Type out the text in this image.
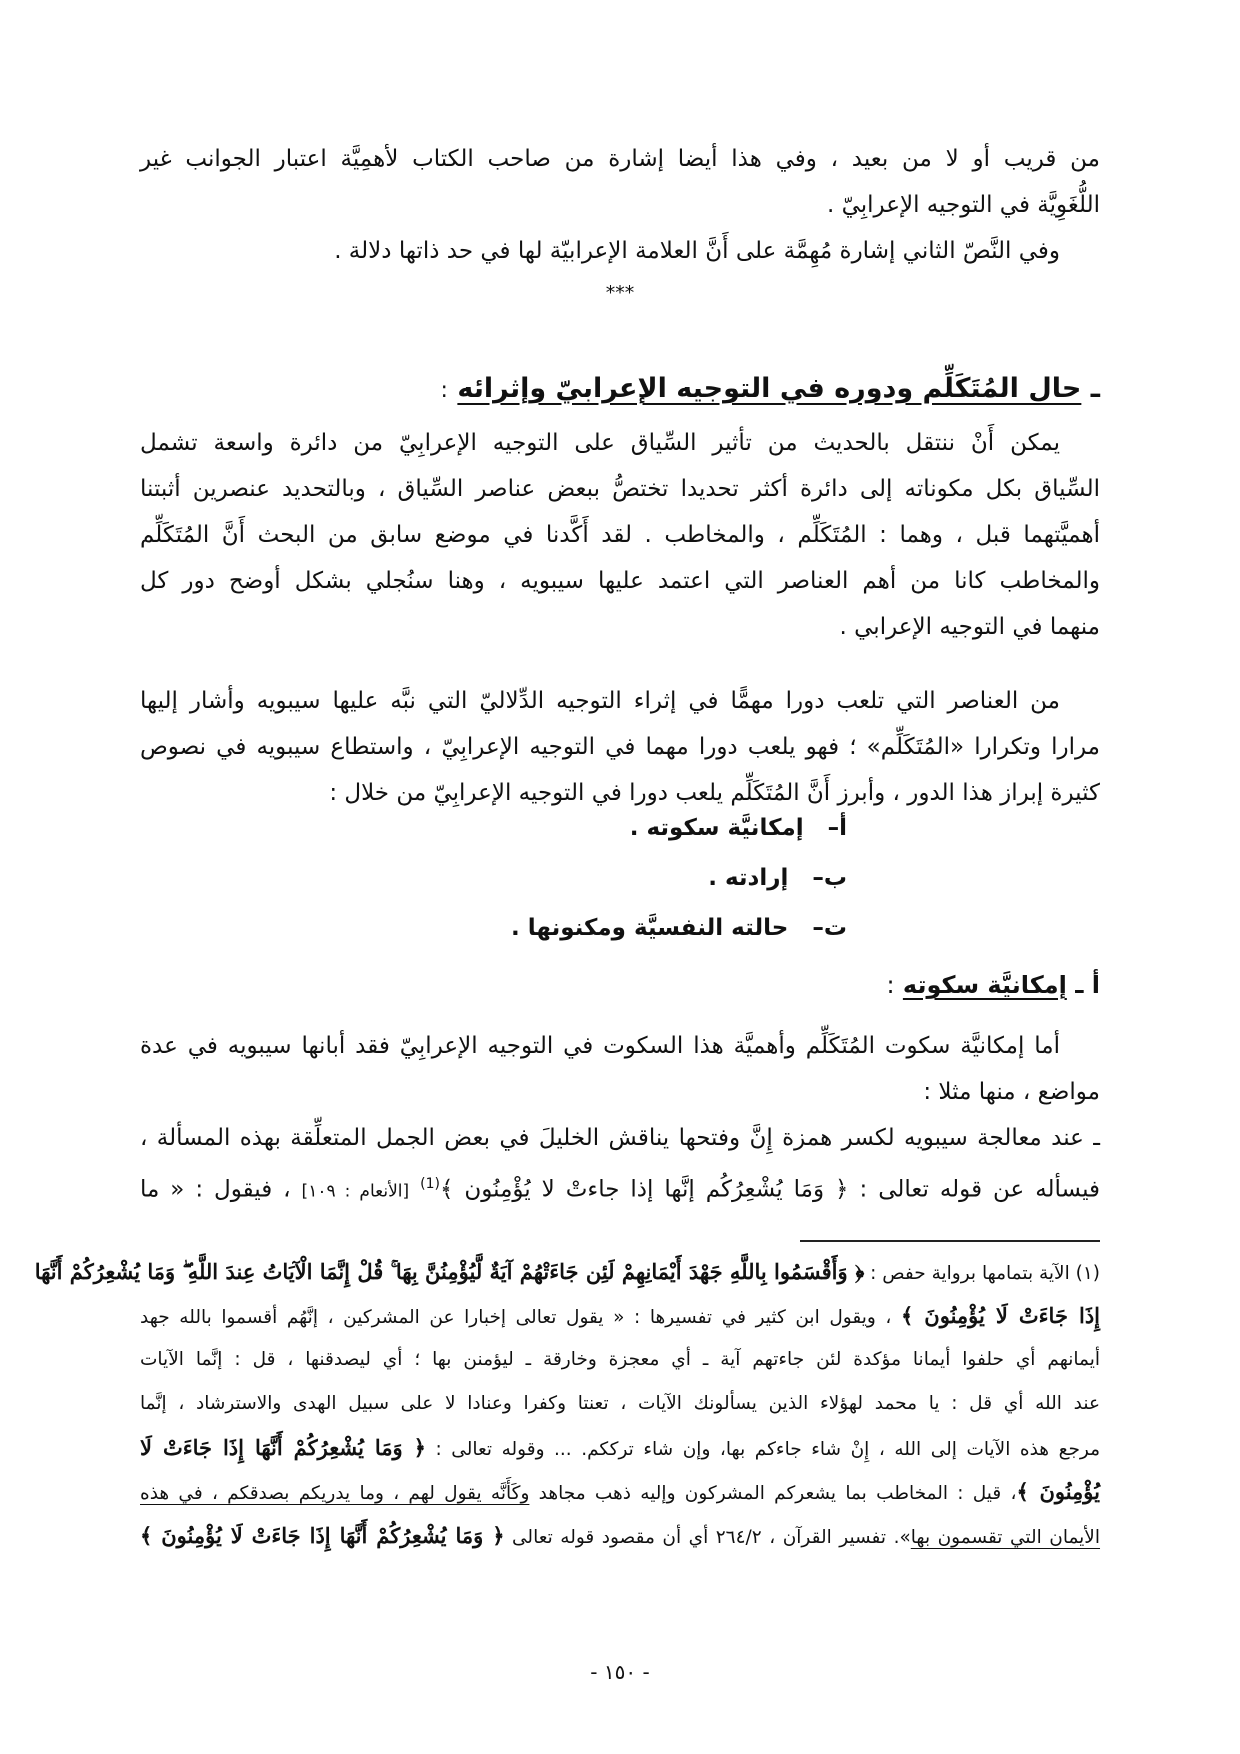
من قريب أو لا من بعيد ، وفي هذا أيضا إشارة من صاحب الكتاب لأهمِيَّة اعتبار الجوانب غير
اللُّغَوِيَّة في التوجيه الإعرابِيّ .
وفي النَّصّ الثاني إشارة مُهِمَّة على أَنَّ العلامة الإعرابيّة لها في حد ذاتها دلالة .
***
ـ حال المُتَكَلِّم ودوره في التوجيه الإعرابيّ وإثرائه :
يمكن أَنْ ننتقل بالحديث من تأثير السِّياق على التوجيه الإعرابِيّ من دائرة واسعة تشمل
السِّياق بكل مكوناته إلى دائرة أكثر تحديدا تختصُّ ببعض عناصر السِّياق ، وبالتحديد عنصرين أثبتنا
أهميَّتهما قبل ، وهما : المُتَكَلِّم ، والمخاطب . لقد أَكَّدنا في موضع سابق من البحث أَنَّ المُتَكَلِّم
والمخاطب كانا من أهم العناصر التي اعتمد عليها سيبويه ، وهنا سنُجلي بشكل أوضح دور كل
منهما في التوجيه الإعرابي .
من العناصر التي تلعب دورا مهمًّا في إثراء التوجيه الدِّلاليّ التي نبَّه عليها سيبويه وأشار إليها
مرارا وتكرارا «المُتَكَلِّم» ؛ فهو يلعب دورا مهما في التوجيه الإعرابِيّ ، واستطاع سيبويه في نصوص
كثيرة إبراز هذا الدور ، وأبرز أَنَّ المُتَكَلِّم يلعب دورا في التوجيه الإعرابِيّ من خلال :
أ–   إمكانيَّة سكوته .
ب–   إرادته .
ت–   حالته النفسيَّة ومكنونها .
أ ـ إمكانيَّة سكوته :
أما إمكانيَّة سكوت المُتَكَلِّم وأهميَّة هذا السكوت في التوجيه الإعرابِيّ فقد أبانها سيبويه في عدة
مواضع ، منها مثلا :
ـ عند معالجة سيبويه لكسر همزة إِنَّ وفتحها يناقش الخليلَ في بعض الجمل المتعلِّقة بهذه المسألة ،
فيسأله عن قوله تعالى : ﴿ وَمَا يُشْعِرُكُم إنَّها إذا جاءتْ لا يُؤْمِنُون ﴾$^{(1)}$ [الأنعام : ١٠٩] ، فيقول : « ما
(١) الآية بتمامها برواية حفص : ﴿ وَأَقْسَمُوا بِاللَّهِ جَهْدَ أَيْمَانِهِمْ لَئِن جَاءَتْهُمْ آيَةٌ لَّيُؤْمِنُنَّ بِهَا ۚ قُلْ إِنَّمَا الْآيَاتُ عِندَ اللَّهِ ۖ وَمَا يُشْعِرُكُمْ أَنَّهَا
إِذَا جَاءَتْ لَا يُؤْمِنُونَ ﴾ ، ويقول ابن كثير في تفسيرها : « يقول تعالى إخبارا عن المشركين ، إنَّهُم أقسموا بالله جهد
أيمانهم أي حلفوا أيمانا مؤكدة لئن جاءتهم آية ـ أي معجزة وخارقة ـ ليؤمنن بها ؛ أي ليصدقنها ، قل : إنَّما الآيات
عند الله أي قل : يا محمد لهؤلاء الذين يسألونك الآيات ، تعنتا وكفرا وعنادا لا على سبيل الهدى والاسترشاد ، إنَّما
مرجع هذه الآيات إلى الله ، إِنْ شاء جاءكم بها، وإن شاء ترككم. ... وقوله تعالى : ﴿ وَمَا يُشْعِرُكُمْ أَنَّهَا إِذَا جَاءَتْ لَا
يُؤْمِنُونَ ﴾، قيل : المخاطب بما يشعركم المشركون وإليه ذهب مجاهد وكَأَنَّه يقول لهم ، وما يدريكم بصدقكم ، في هذه
الأيمان التي تقسمون بها». تفسير القرآن ، ٢٦٤/٢ أي أن مقصود قوله تعالى ﴿ وَمَا يُشْعِرُكُمْ أَنَّهَا إِذَا جَاءَتْ لَا يُؤْمِنُونَ ﴾
- ١٥٠ -
